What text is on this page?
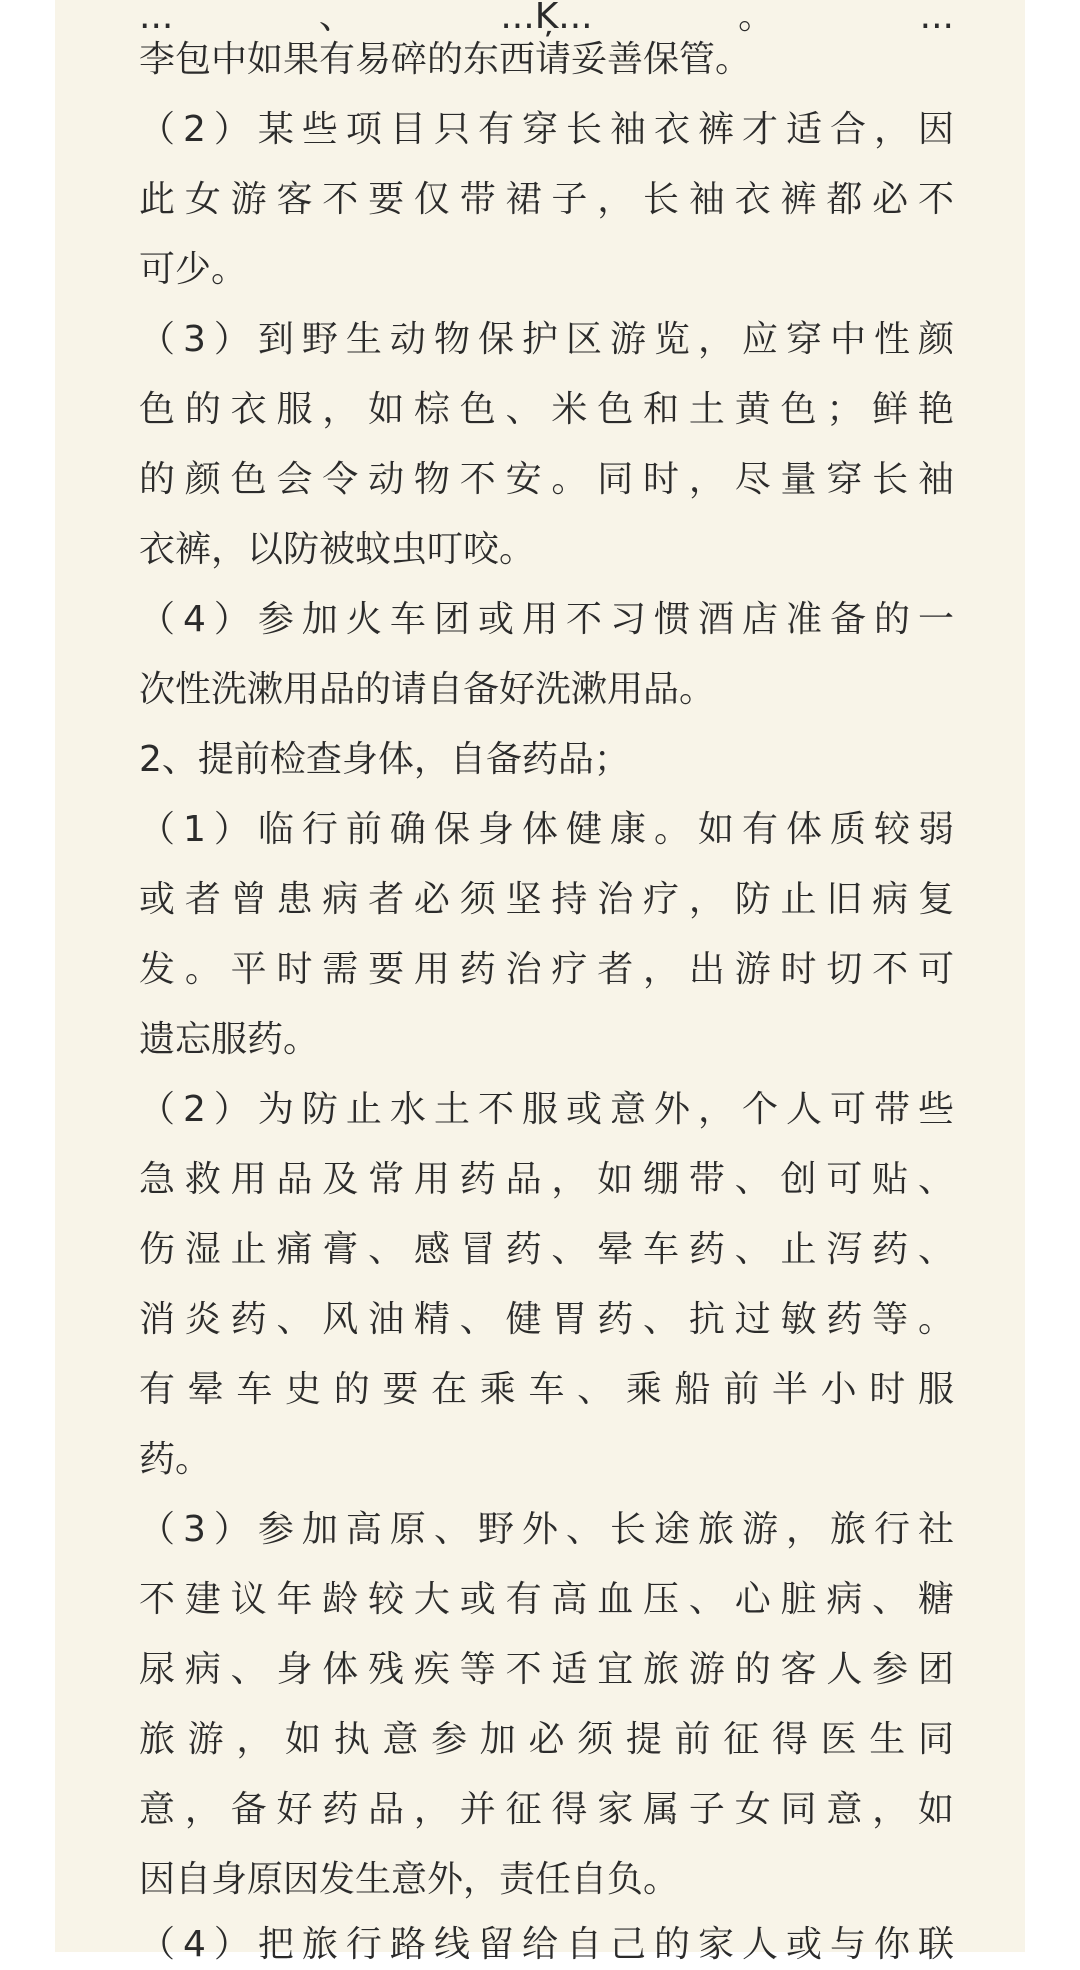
...、...Ķ...。...
李包中如果有易碎的东西请妥善保管。
（2）某些项目只有穿长袖衣裤才适合，因
此女游客不要仅带裙子，长袖衣裤都必不
可少。
（3）到野生动物保护区游览，应穿中性颜
色的衣服，如棕色、米色和土黄色；鲜艳
的颜色会令动物不安。同时，尽量穿长袖
衣裤，以防被蚊虫叮咬。
（4）参加火车团或用不习惯酒店准备的一
次性洗漱用品的请自备好洗漱用品。
2、提前检查身体，自备药品；
（1）临行前确保身体健康。如有体质较弱
或者曾患病者必须坚持治疗，防止旧病复
发。平时需要用药治疗者，出游时切不可
遗忘服药。
（2）为防止水土不服或意外，个人可带些
急救用品及常用药品，如绷带、创可贴、
伤湿止痛膏、感冒药、晕车药、止泻药、
消炎药、风油精、健胃药、抗过敏药等。
有晕车史的要在乘车、乘船前半小时服
药。
（3）参加高原、野外、长途旅游，旅行社
不建议年龄较大或有高血压、心脏病、糖
尿病、身体残疾等不适宜旅游的客人参团
旅游，如执意参加必须提前征得医生同
意，备好药品，并征得家属子女同意，如
因自身原因发生意外，责任自负。
（4）把旅行路线留给自己的家人或与你联
